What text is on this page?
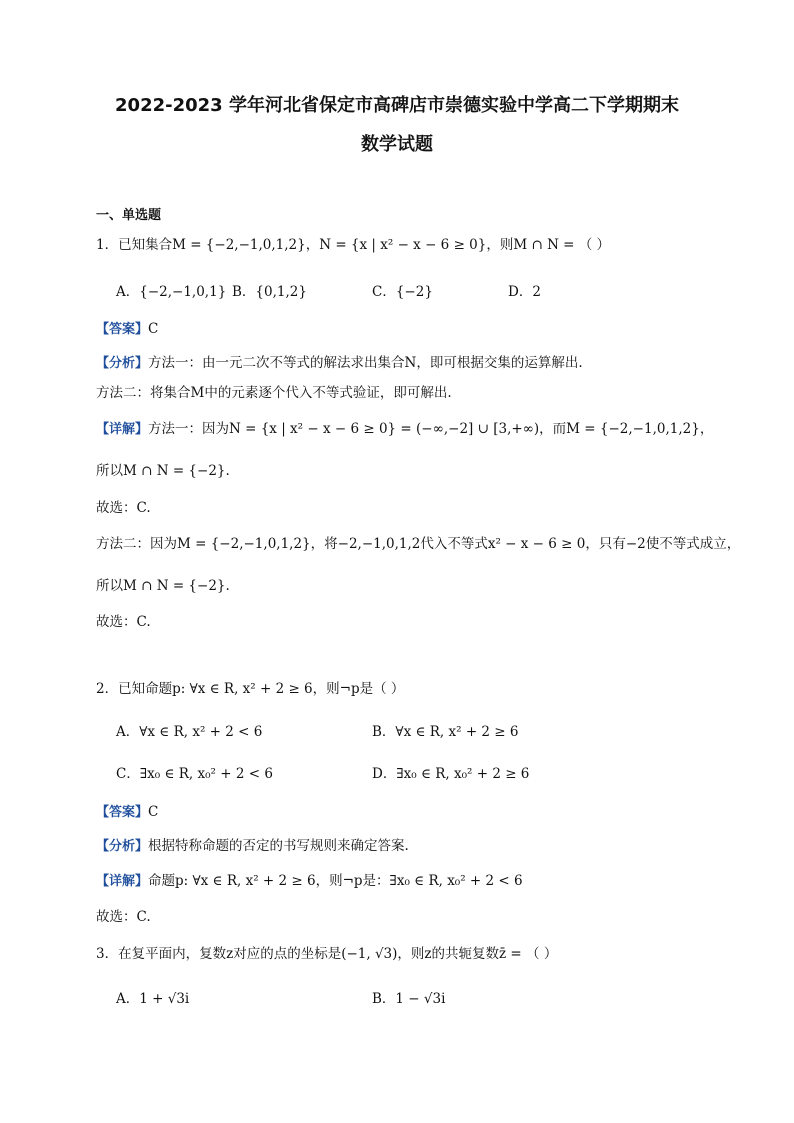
2022-2023 学年河北省保定市高碑店市崇德实验中学高二下学期期末
数学试题
一、单选题
1．已知集合M = {−2,−1,0,1,2}，N = {x | x² − x − 6 ≥ 0}，则M ∩ N = （ ）
A．{−2,−1,0,1} B．{0,1,2}	C．{−2}	D．2
【答案】C
【分析】方法一：由一元二次不等式的解法求出集合N，即可根据交集的运算解出.
方法二：将集合M中的元素逐个代入不等式验证，即可解出.
【详解】方法一：因为N = {x | x² − x − 6 ≥ 0} = (−∞,−2] ∪ [3,+∞)，而M = {−2,−1,0,1,2}，
所以M ∩ N = {−2}.
故选：C.
方法二：因为M = {−2,−1,0,1,2}，将−2,−1,0,1,2代入不等式x² − x − 6 ≥ 0，只有−2使不等式成立，
所以M ∩ N = {−2}.
故选：C.
2．已知命题p: ∀x ∈ R, x² + 2 ≥ 6，则¬p是（ ）
A．∀x ∈ R, x² + 2 < 6	B．∀x ∈ R, x² + 2 ≥ 6
C．∃x₀ ∈ R, x₀² + 2 < 6	D．∃x₀ ∈ R, x₀² + 2 ≥ 6
【答案】C
【分析】根据特称命题的否定的书写规则来确定答案.
【详解】命题p: ∀x ∈ R, x² + 2 ≥ 6，则¬p是：∃x₀ ∈ R, x₀² + 2 < 6
故选：C.
3．在复平面内，复数z对应的点的坐标是(−1, √3)，则z的共轭复数z̄ = （ ）
A．1 + √3i	B．1 − √3i
